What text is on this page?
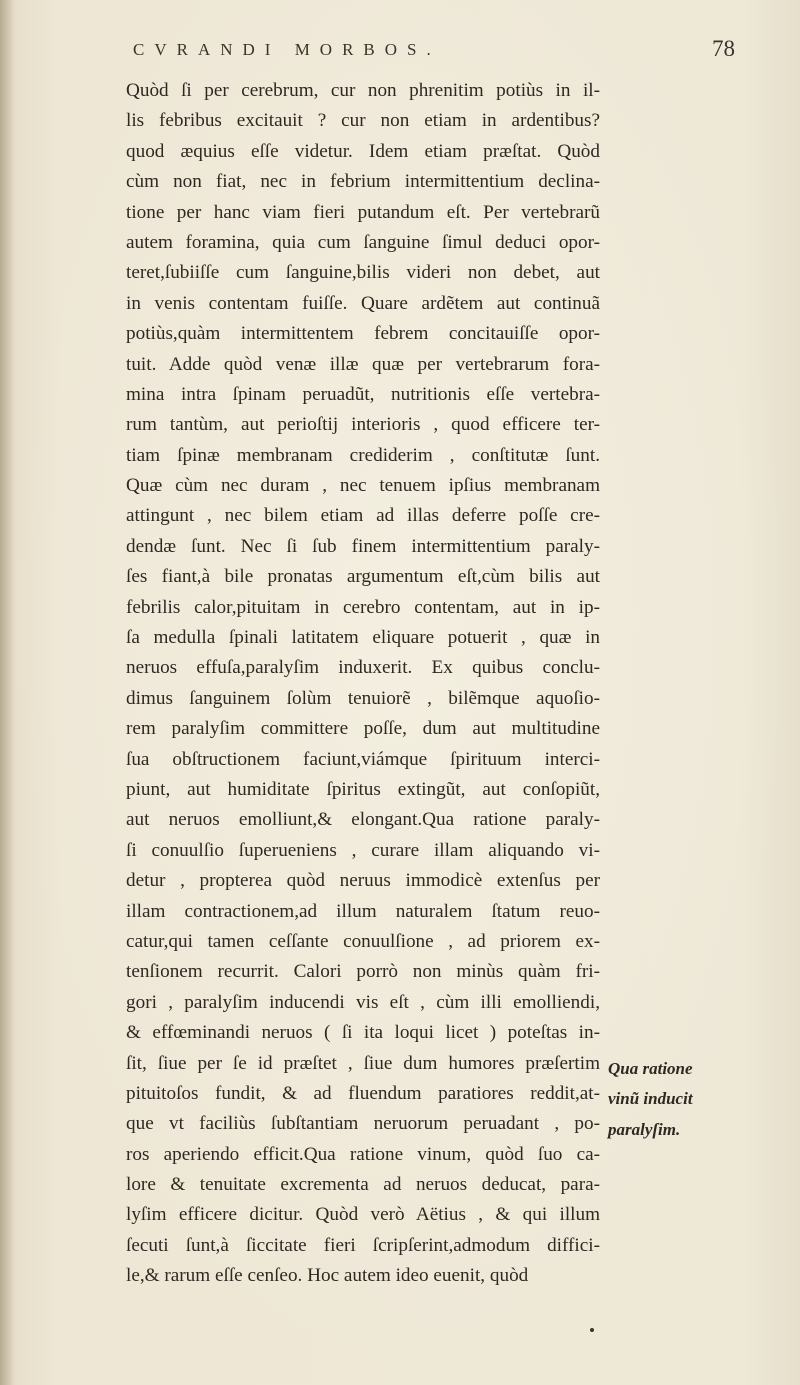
CVRANDI MORBOS.	78
Quòd ſi per cerebrum, cur non phrenitim potiùs in il-
lis febribus excitauit ? cur non etiam in ardentibus?
quod æquius eſſe videtur. Idem etiam præſtat. Quòd
cùm non fiat, nec in febrium intermittentium declina-
tione per hanc viam fieri putandum eſt. Per vertebrarũ
autem foramina, quia cum ſanguine ſimul deduci opor-
teret,ſubiiſſe cum ſanguine,bilis videri non debet, aut
in venis contentam fuiſſe. Quare ardẽtem aut continuã
potiùs,quàm intermittentem febrem concitauiſſe opor-
tuit. Adde quòd venæ illæ quæ per vertebrarum fora-
mina intra ſpinam peruadũt, nutritionis eſſe vertebra-
rum tantùm, aut perioſtij interioris , quod efficere ter-
tiam ſpinæ membranam crediderim , conſtitutæ ſunt.
Quæ cùm nec duram , nec tenuem ipſius membranam
attingunt , nec bilem etiam ad illas deferre poſſe cre-
dendæ ſunt. Nec ſi ſub finem intermittentium paraly-
ſes fiant,à bile pronatas argumentum eſt,cùm bilis aut
febrilis calor,pituitam in cerebro contentam, aut in ip-
ſa medulla ſpinali latitatem eliquare potuerit , quæ in
neruos effuſa,paralyſim induxerit. Ex quibus conclu-
dimus ſanguinem ſolùm tenuiorẽ , bilẽmque aquoſio-
rem paralyſim committere poſſe, dum aut multitudine
ſua obſtructionem faciunt,viámque ſpirituum interci-
piunt, aut humiditate ſpiritus extingũt, aut conſopiũt,
aut neruos emolliunt,& elongant.Qua ratione paraly-
ſi conuulſio ſuperueniens , curare illam aliquando vi-
detur , propterea quòd neruus immodicè extenſus per
illam contractionem,ad illum naturalem ſtatum reuo-
catur,qui tamen ceſſante conuulſione , ad priorem ex-
tenſionem recurrit. Calori porrò non minùs quàm fri-
gori , paralyſim inducendi vis eſt , cùm illi emolliendi,
& effœminandi neruos ( ſi ita loqui licet ) poteſtas in-
ſit, ſiue per ſe id præſtet , ſiue dum humores præſertim
pituitoſos fundit, & ad fluendum paratiores reddit,at-
que vt faciliùs ſubſtantiam neruorum peruadant , po-
ros aperiendo efficit.Qua ratione vinum, quòd ſuo ca-
lore & tenuitate excrementa ad neruos deducat, para-
lyſim efficere dicitur. Quòd verò Aëtius , & qui illum
ſecuti ſunt,à ſiccitate fieri ſcripſerint,admodum diffici-
le,& rarum eſſe cenſeo. Hoc autem ideo euenit, quòd
Qua ratione
vinũ inducit
paralyſim.
